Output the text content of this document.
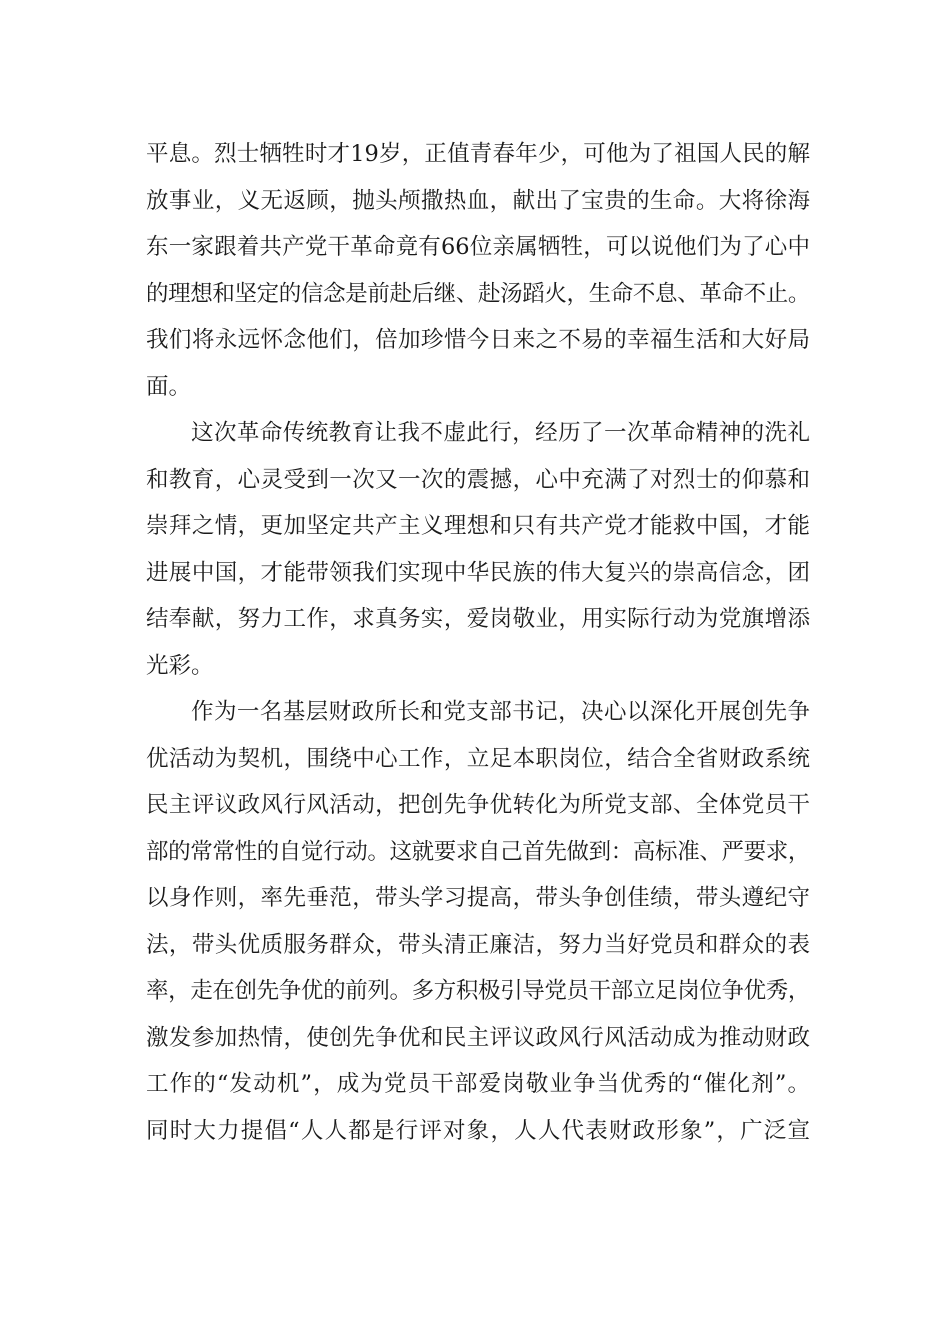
平息。烈士牺牲时才19岁，正值青春年少，可他为了祖国人民的解
放事业，义无返顾，抛头颅撒热血，献出了宝贵的生命。大将徐海
东一家跟着共产党干革命竟有66位亲属牺牲，可以说他们为了心中
的理想和坚定的信念是前赴后继、赴汤蹈火，生命不息、革命不止。
我们将永远怀念他们，倍加珍惜今日来之不易的幸福生活和大好局
面。
这次革命传统教育让我不虚此行，经历了一次革命精神的洗礼
和教育，心灵受到一次又一次的震撼，心中充满了对烈士的仰慕和
崇拜之情，更加坚定共产主义理想和只有共产党才能救中国，才能
进展中国，才能带领我们实现中华民族的伟大复兴的崇高信念，团
结奉献，努力工作，求真务实，爱岗敬业，用实际行动为党旗增添
光彩。
作为一名基层财政所长和党支部书记，决心以深化开展创先争
优活动为契机，围绕中心工作，立足本职岗位，结合全省财政系统
民主评议政风行风活动，把创先争优转化为所党支部、全体党员干
部的常常性的自觉行动。这就要求自己首先做到：高标准、严要求，
以身作则，率先垂范，带头学习提高，带头争创佳绩，带头遵纪守
法，带头优质服务群众，带头清正廉洁，努力当好党员和群众的表
率，走在创先争优的前列。多方积极引导党员干部立足岗位争优秀，
激发参加热情，使创先争优和民主评议政风行风活动成为推动财政
工作的“发动机”，成为党员干部爱岗敬业争当优秀的“催化剂”。
同时大力提倡“人人都是行评对象，人人代表财政形象”，广泛宣
